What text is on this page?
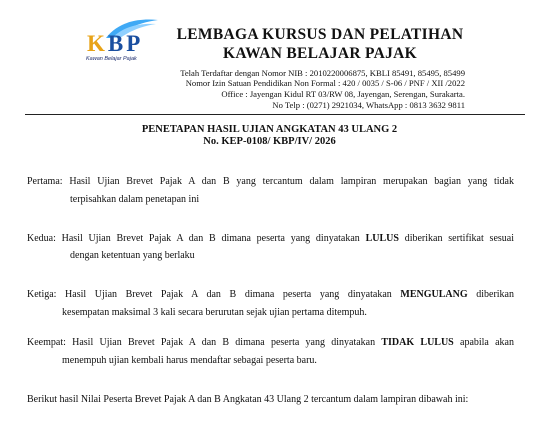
KBP
Kawan Belajar Pajak
LEMBAGA KURSUS DAN PELATIHAN
KAWAN BELAJAR PAJAK
Telah Terdaftar dengan Nomor NIB : 2010220006875, KBLI 85491, 85495, 85499
Nomor Izin Satuan Pendidikan Non Formal : 420 / 0035 / S-06 / PNF / XII /2022
Office : Jayengan Kidul RT 03/RW 08, Jayengan, Serengan, Surakarta.
No Telp : (0271) 2921034, WhatsApp : 0813 3632 9811
PENETAPAN HASIL UJIAN ANGKATAN 43 ULANG 2
No. KEP-0108/ KBP/IV/ 2026
Pertama: Hasil Ujian Brevet Pajak A dan B yang tercantum dalam lampiran merupakan bagian yang tidak
terpisahkan dalam penetapan ini
Kedua: Hasil Ujian Brevet Pajak A dan B dimana peserta yang dinyatakan LULUS diberikan sertifikat sesuai
dengan ketentuan yang berlaku
Ketiga: Hasil Ujian Brevet Pajak A dan B dimana peserta yang dinyatakan MENGULANG diberikan
kesempatan maksimal 3 kali secara berurutan sejak ujian pertama ditempuh.
Keempat: Hasil Ujian Brevet Pajak A dan B dimana peserta yang dinyatakan TIDAK LULUS apabila akan
menempuh ujian kembali harus mendaftar sebagai peserta baru.
Berikut hasil Nilai Peserta Brevet Pajak A dan B Angkatan 43 Ulang 2 tercantum dalam lampiran dibawah ini:
